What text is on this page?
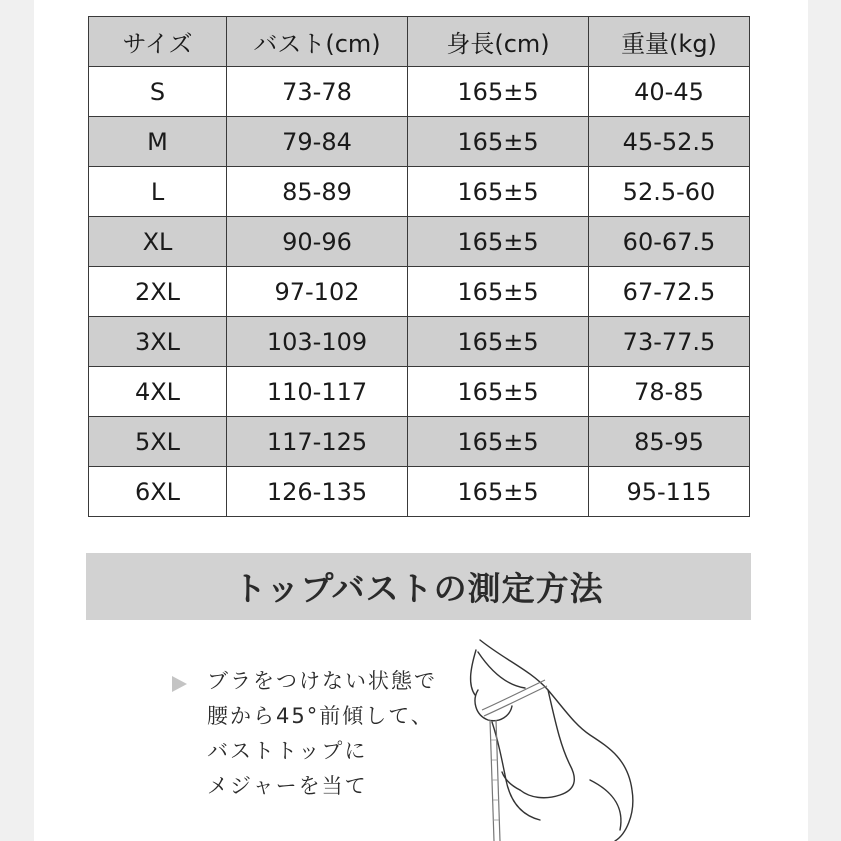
サイズ	バスト(cm)	身長(cm)	重量(kg)
S	73-78	165±5	40-45
M	79-84	165±5	45-52.5
L	85-89	165±5	52.5-60
XL	90-96	165±5	60-67.5
2XL	97-102	165±5	67-72.5
3XL	103-109	165±5	73-77.5
4XL	110-117	165±5	78-85
5XL	117-125	165±5	85-95
6XL	126-135	165±5	95-115
トップバストの測定方法
ブラをつけない状態で
腰から45°前傾して、
バストトップに
メジャーを当て
